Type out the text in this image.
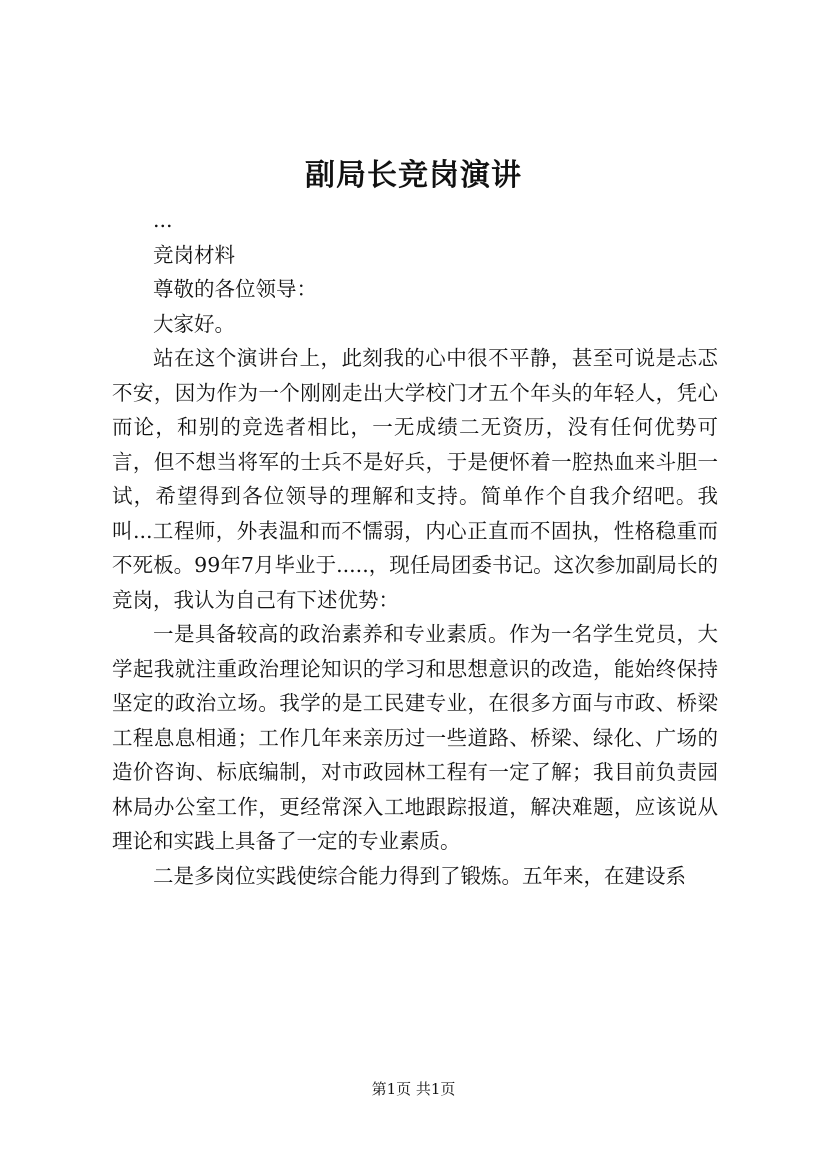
副局长竞岗演讲

...

竞岗材料

尊敬的各位领导：

大家好。

站在这个演讲台上，此刻我的心中很不平静，甚至可说是忐忑不安，因为作为一个刚刚走出大学校门才五个年头的年轻人，凭心而论，和别的竞选者相比，一无成绩二无资历，没有任何优势可言，但不想当将军的士兵不是好兵，于是便怀着一腔热血来斗胆一试，希望得到各位领导的理解和支持。简单作个自我介绍吧。我叫...工程师，外表温和而不懦弱，内心正直而不固执，性格稳重而不死板。99年7月毕业于.....，现任局团委书记。这次参加副局长的竞岗，我认为自己有下述优势：

一是具备较高的政治素养和专业素质。作为一名学生党员，大学起我就注重政治理论知识的学习和思想意识的改造，能始终保持坚定的政治立场。我学的是工民建专业，在很多方面与市政、桥梁工程息息相通；工作几年来亲历过一些道路、桥梁、绿化、广场的造价咨询、标底编制，对市政园林工程有一定了解；我目前负责园林局办公室工作，更经常深入工地跟踪报道，解决难题，应该说从理论和实践上具备了一定的专业素质。

二是多岗位实践使综合能力得到了锻炼。五年来，在建设系

第1页 共1页
